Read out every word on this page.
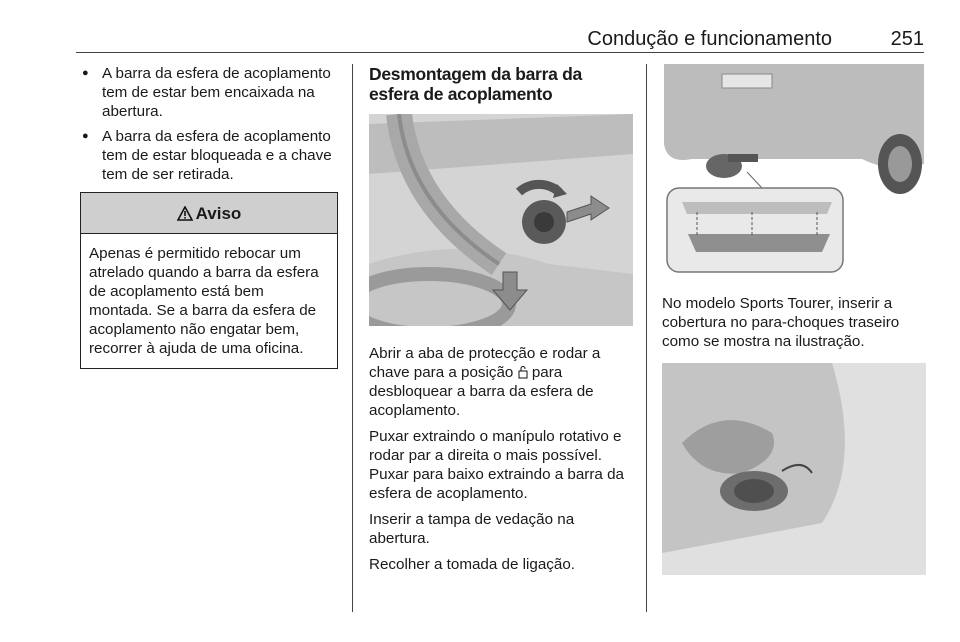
Condução e funcionamento	251
● A barra da esfera de acoplamento tem de estar bem encaixada na abertura.
● A barra da esfera de acoplamento tem de estar bloqueada e a chave tem de ser retirada.
Aviso
Apenas é permitido rebocar um atrelado quando a barra da esfera de acoplamento está bem montada. Se a barra da esfera de acoplamento não engatar bem, recorrer à ajuda de uma oficina.
Desmontagem da barra da esfera de acoplamento

Abrir a aba de protecção e rodar a chave para a posição  para desbloquear a barra da esfera de acoplamento.

Puxar extraindo o manípulo rotativo e rodar par a direita o mais possível. Puxar para baixo extraindo a barra da esfera de acoplamento.

Inserir a tampa de vedação na abertura.

Recolher a tomada de ligação.

No modelo Sports Tourer, inserir a cobertura no para-choques traseiro como se mostra na ilustração.
